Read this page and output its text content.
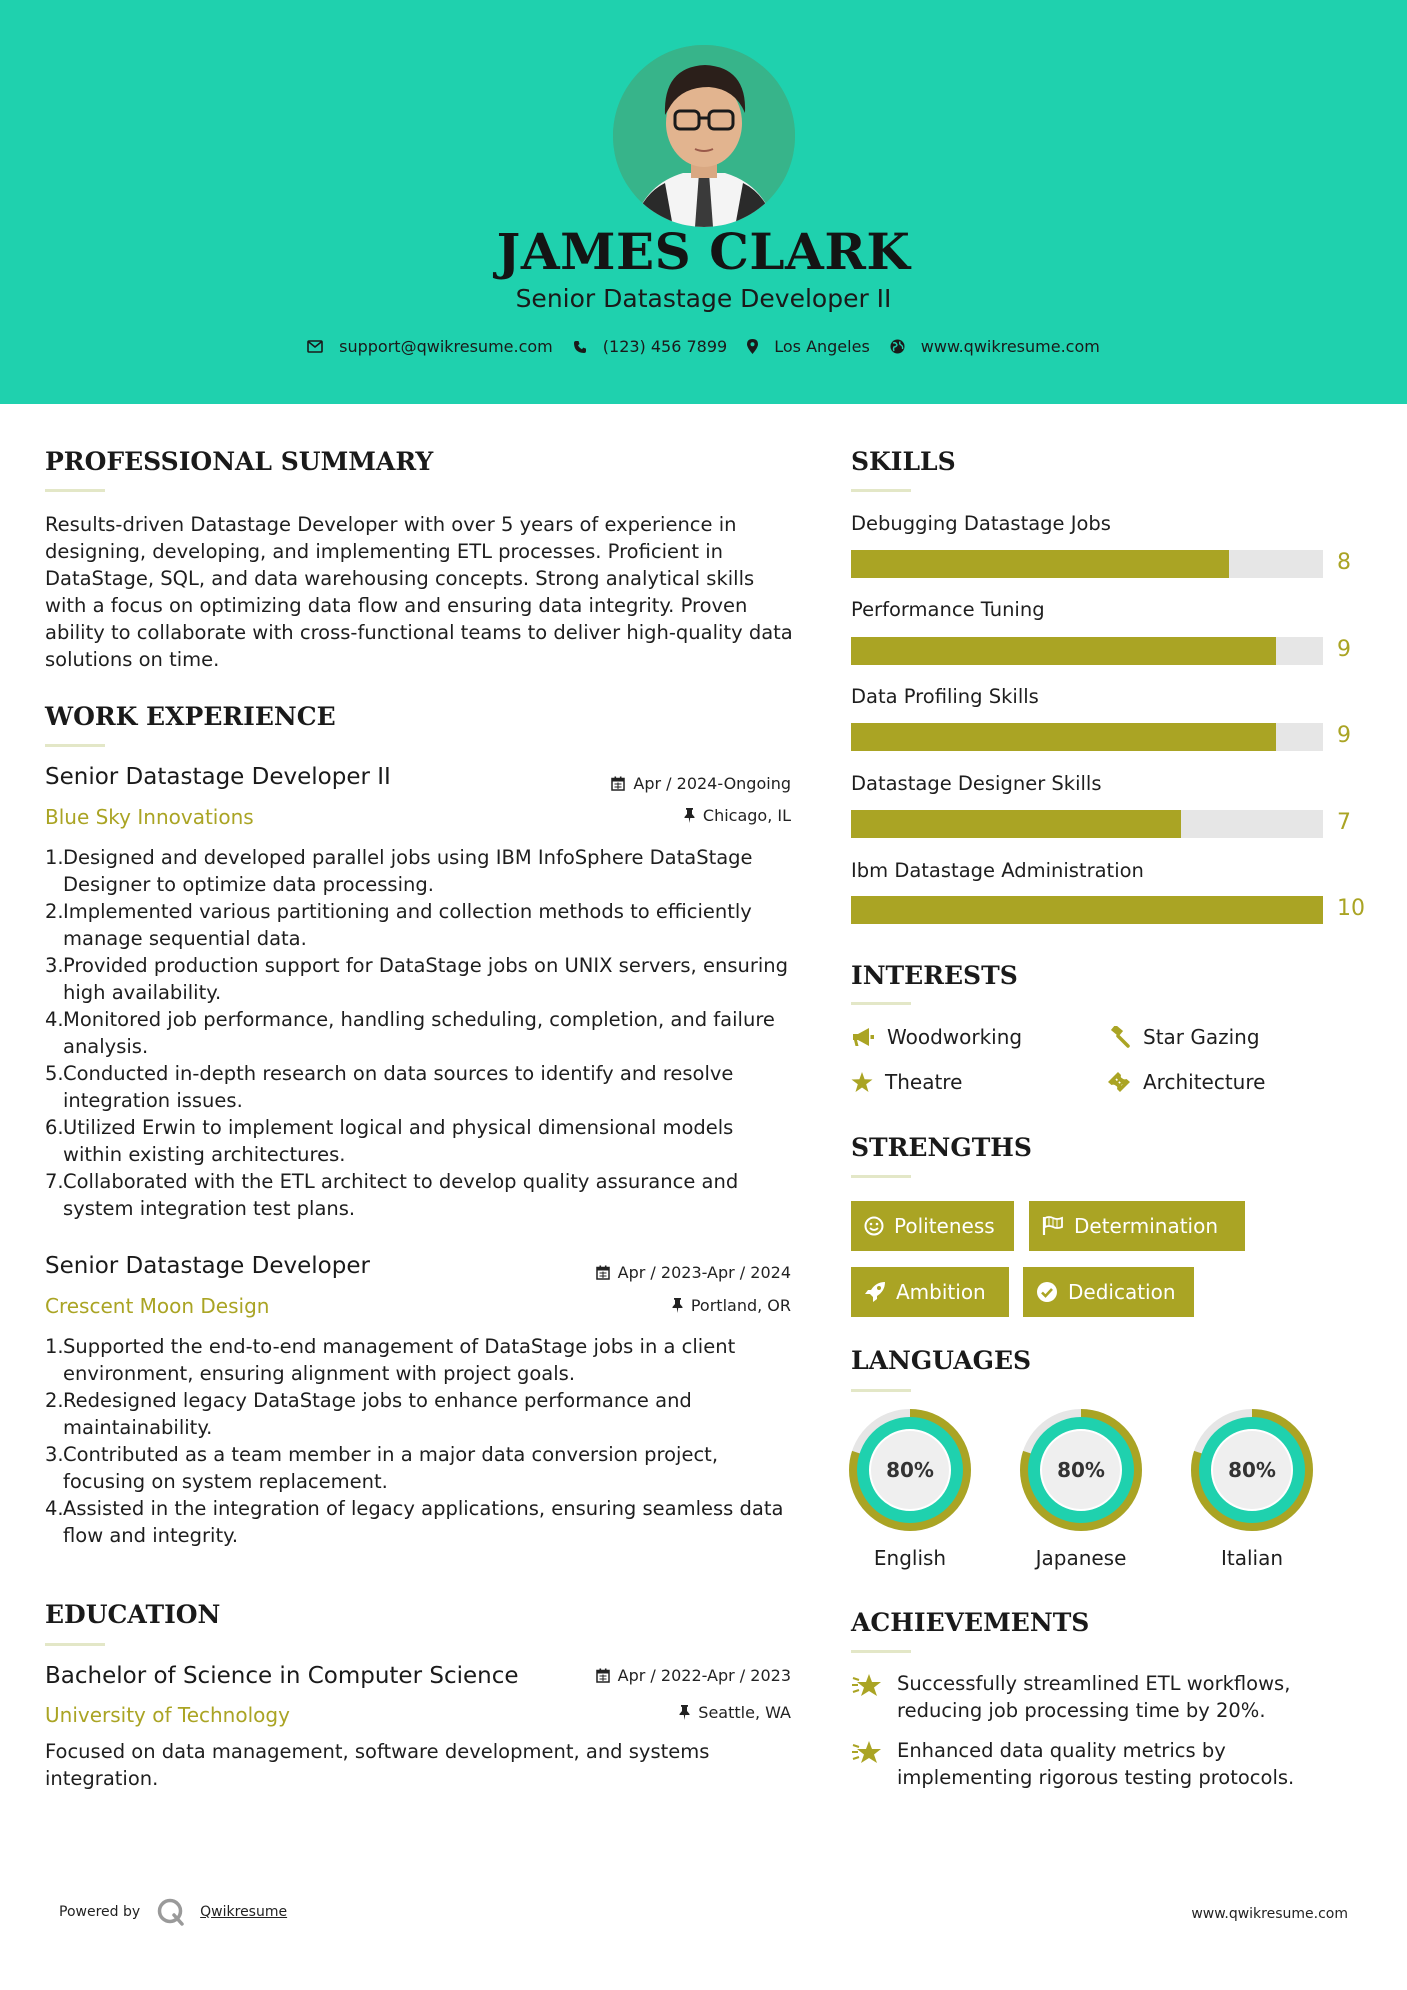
JAMES CLARK
Senior Datastage Developer II
support@qwikresume.com	(123) 456 7899	Los Angeles	www.qwikresume.com
PROFESSIONAL SUMMARY
Results-driven Datastage Developer with over 5 years of experience in designing, developing, and implementing ETL processes. Proficient in DataStage, SQL, and data warehousing concepts. Strong analytical skills with a focus on optimizing data flow and ensuring data integrity. Proven ability to collaborate with cross-functional teams to deliver high-quality data solutions on time.
WORK EXPERIENCE
Senior Datastage Developer II	Apr / 2024-Ongoing
Blue Sky Innovations	Chicago, IL
1. Designed and developed parallel jobs using IBM InfoSphere DataStage Designer to optimize data processing.
2. Implemented various partitioning and collection methods to efficiently manage sequential data.
3. Provided production support for DataStage jobs on UNIX servers, ensuring high availability.
4. Monitored job performance, handling scheduling, completion, and failure analysis.
5. Conducted in-depth research on data sources to identify and resolve integration issues.
6. Utilized Erwin to implement logical and physical dimensional models within existing architectures.
7. Collaborated with the ETL architect to develop quality assurance and system integration test plans.
Senior Datastage Developer	Apr / 2023-Apr / 2024
Crescent Moon Design	Portland, OR
1. Supported the end-to-end management of DataStage jobs in a client environment, ensuring alignment with project goals.
2. Redesigned legacy DataStage jobs to enhance performance and maintainability.
3. Contributed as a team member in a major data conversion project, focusing on system replacement.
4. Assisted in the integration of legacy applications, ensuring seamless data flow and integrity.
EDUCATION
Bachelor of Science in Computer Science	Apr / 2022-Apr / 2023
University of Technology	Seattle, WA
Focused on data management, software development, and systems integration.
SKILLS
Debugging Datastage Jobs
8
Performance Tuning
9
Data Profiling Skills
9
Datastage Designer Skills
7
Ibm Datastage Administration
10
INTERESTS
Woodworking	Star Gazing
Theatre	Architecture
STRENGTHS
Politeness	Determination
Ambition	Dedication
LANGUAGES
80%
English
80%
Japanese
80%
Italian
ACHIEVEMENTS
Successfully streamlined ETL workflows, reducing job processing time by 20%.
Enhanced data quality metrics by implementing rigorous testing protocols.
Powered by	Qwikresume	www.qwikresume.com
